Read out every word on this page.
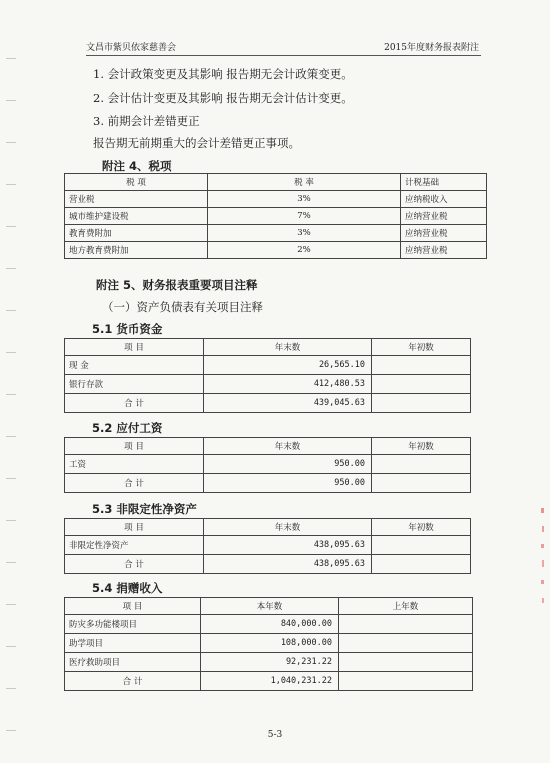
文昌市紫贝依家慈善会	2015年度财务报表附注
1. 会计政策变更及其影响 报告期无会计政策变更。
2. 会计估计变更及其影响 报告期无会计估计变更。
3. 前期会计差错更正
报告期无前期重大的会计差错更正事项。
附注 4、税项
税 项	税 率	计税基础
营业税	3%	应纳税收入
城市维护建设税	7%	应纳营业税
教育费附加	3%	应纳营业税
地方教育费附加	2%	应纳营业税
附注 5、财务报表重要项目注释
（一）资产负债表有关项目注释
5.1 货币资金
项 目	年末数	年初数
现 金	26,565.10	
银行存款	412,480.53	
合 计	439,045.63	
5.2 应付工资
项 目	年末数	年初数
工资	950.00	
合 计	950.00	
5.3 非限定性净资产
项 目	年末数	年初数
非限定性净资产	438,095.63	
合 计	438,095.63	
5.4 捐赠收入
项 目	本年数	上年数
防灾多功能楼项目	840,000.00	
助学项目	108,000.00	
医疗救助项目	92,231.22	
合 计	1,040,231.22	
5-3
